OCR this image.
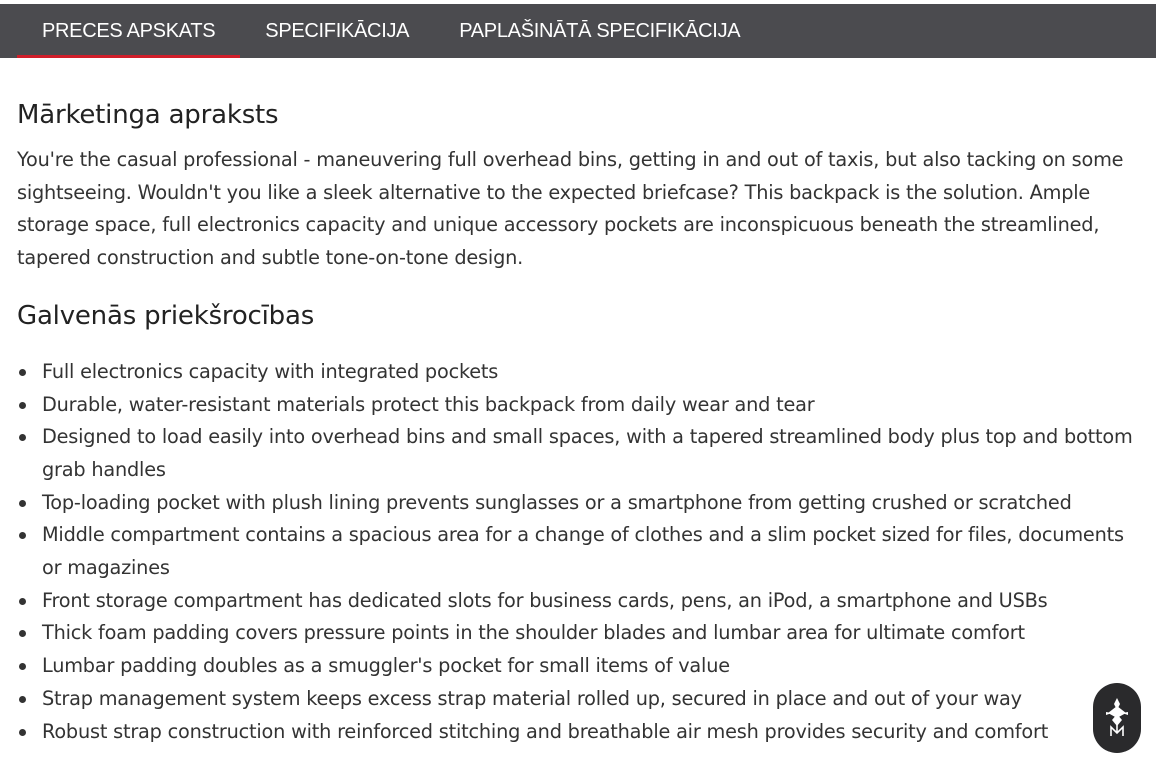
PRECES APSKATS	SPECIFIKĀCIJA	PAPLAŠINĀTĀ SPECIFIKĀCIJA
Mārketinga apraksts

You're the casual professional - maneuvering full overhead bins, getting in and out of taxis, but also tacking on some sightseeing. Wouldn't you like a sleek alternative to the expected briefcase? This backpack is the solution. Ample storage space, full electronics capacity and unique accessory pockets are inconspicuous beneath the streamlined, tapered construction and subtle tone-on-tone design.

Galvenās priekšrocības
Full electronics capacity with integrated pockets
Durable, water-resistant materials protect this backpack from daily wear and tear
Designed to load easily into overhead bins and small spaces, with a tapered streamlined body plus top and bottom grab handles
Top-loading pocket with plush lining prevents sunglasses or a smartphone from getting crushed or scratched
Middle compartment contains a spacious area for a change of clothes and a slim pocket sized for files, documents or magazines
Front storage compartment has dedicated slots for business cards, pens, an iPod, a smartphone and USBs
Thick foam padding covers pressure points in the shoulder blades and lumbar area for ultimate comfort
Lumbar padding doubles as a smuggler's pocket for small items of value
Strap management system keeps excess strap material rolled up, secured in place and out of your way
Robust strap construction with reinforced stitching and breathable air mesh provides security and comfort
